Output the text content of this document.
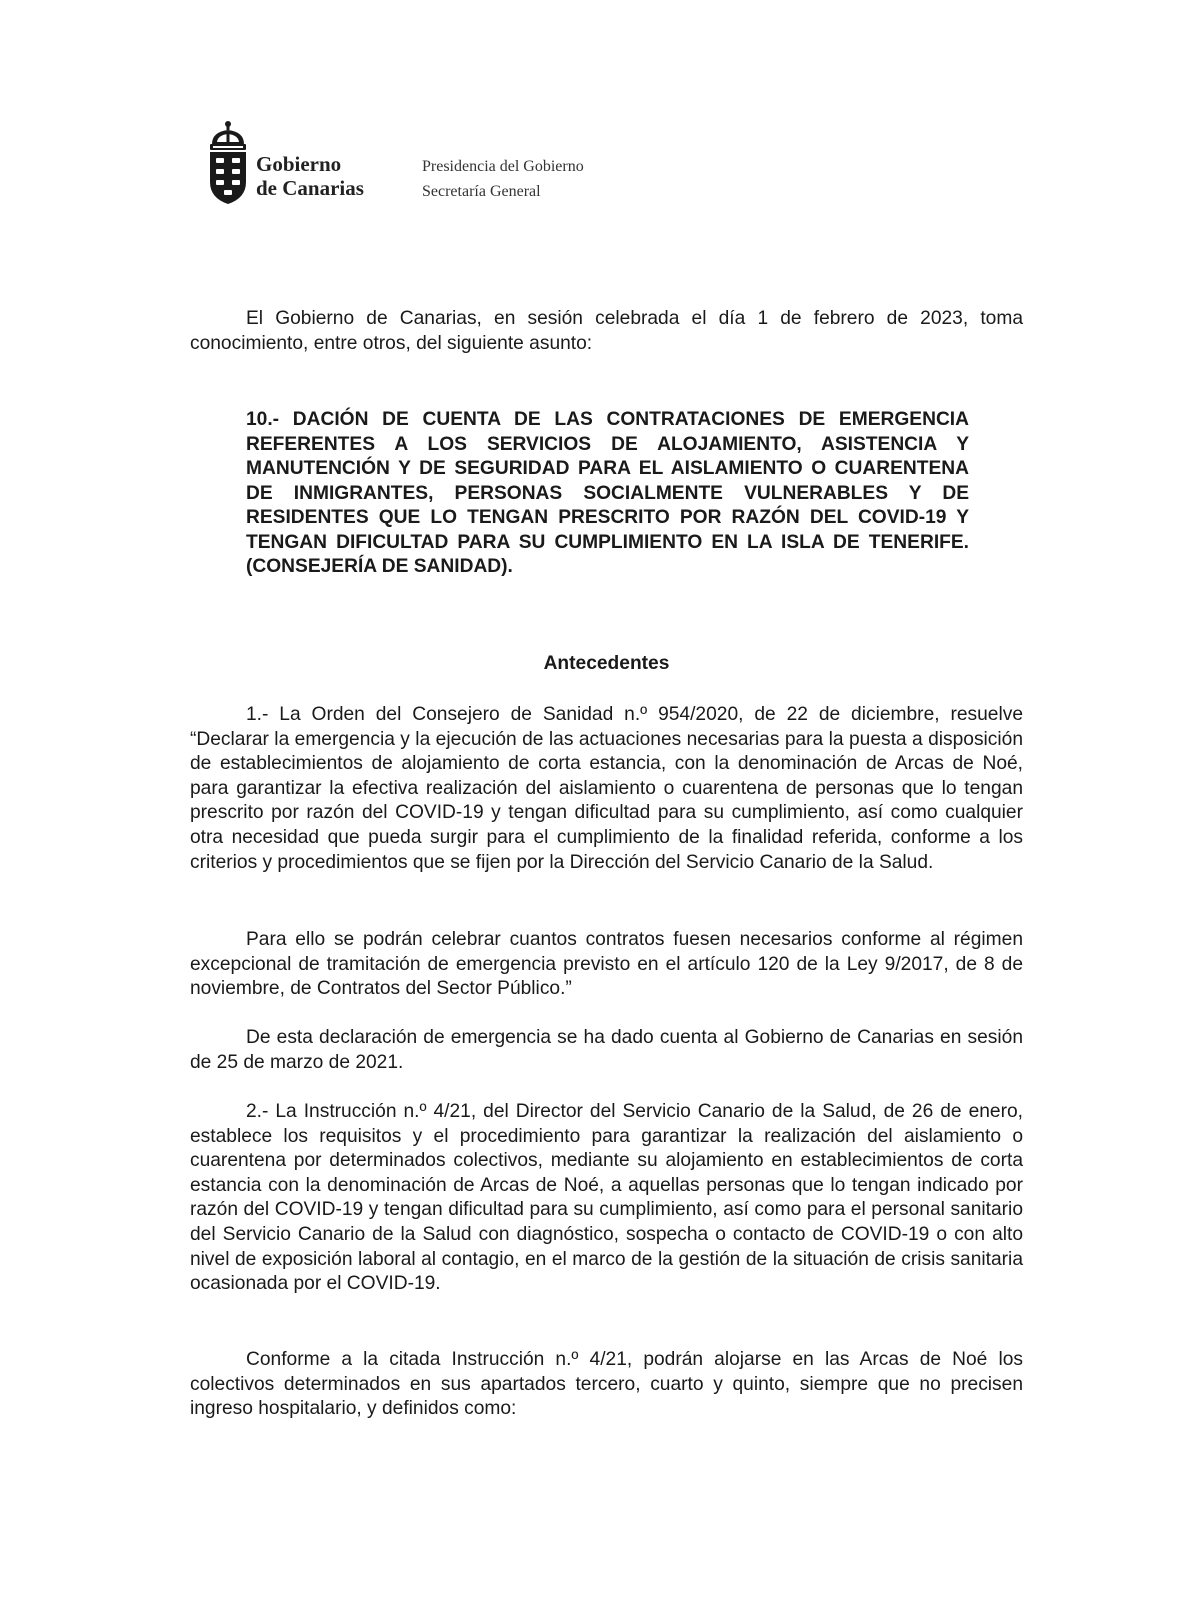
Gobierno
de Canarias
Presidencia del Gobierno
Secretaría General

El Gobierno de Canarias, en sesión celebrada el día 1 de febrero de 2023, toma conocimiento, entre otros, del siguiente asunto:

10.- DACIÓN DE CUENTA DE LAS CONTRATACIONES DE EMERGENCIA REFERENTES A LOS SERVICIOS DE ALOJAMIENTO, ASISTENCIA Y MANUTENCIÓN Y DE SEGURIDAD PARA EL AISLAMIENTO O CUARENTENA DE INMIGRANTES, PERSONAS SOCIALMENTE VULNERABLES Y DE RESIDENTES QUE LO TENGAN PRESCRITO POR RAZÓN DEL COVID-19 Y TENGAN DIFICULTAD PARA SU CUMPLIMIENTO EN LA ISLA DE TENERIFE. (CONSEJERÍA DE SANIDAD).

Antecedentes

1.- La Orden del Consejero de Sanidad n.º 954/2020, de 22 de diciembre, resuelve “Declarar la emergencia y la ejecución de las actuaciones necesarias para la puesta a disposición de establecimientos de alojamiento de corta estancia, con la denominación de Arcas de Noé, para garantizar la efectiva realización del aislamiento o cuarentena de personas que lo tengan prescrito por razón del COVID-19 y tengan dificultad para su cumplimiento, así como cualquier otra necesidad que pueda surgir para el cumplimiento de la finalidad referida, conforme a los criterios y procedimientos que se fijen por la Dirección del Servicio Canario de la Salud.

Para ello se podrán celebrar cuantos contratos fuesen necesarios conforme al régimen excepcional de tramitación de emergencia previsto en el artículo 120 de la Ley 9/2017, de 8 de noviembre, de Contratos del Sector Público.”

De esta declaración de emergencia se ha dado cuenta al Gobierno de Canarias en sesión de 25 de marzo de 2021.

2.- La Instrucción n.º 4/21, del Director del Servicio Canario de la Salud, de 26 de enero, establece los requisitos y el procedimiento para garantizar la realización del aislamiento o cuarentena por determinados colectivos, mediante su alojamiento en establecimientos de corta estancia con la denominación de Arcas de Noé, a aquellas personas que lo tengan indicado por razón del COVID-19 y tengan dificultad para su cumplimiento, así como para el personal sanitario del Servicio Canario de la Salud con diagnóstico, sospecha o contacto de COVID-19 o con alto nivel de exposición laboral al contagio, en el marco de la gestión de la situación de crisis sanitaria ocasionada por el COVID-19.

Conforme a la citada Instrucción n.º 4/21, podrán alojarse en las Arcas de Noé los colectivos determinados en sus apartados tercero, cuarto y quinto, siempre que no precisen ingreso hospitalario, y definidos como:
